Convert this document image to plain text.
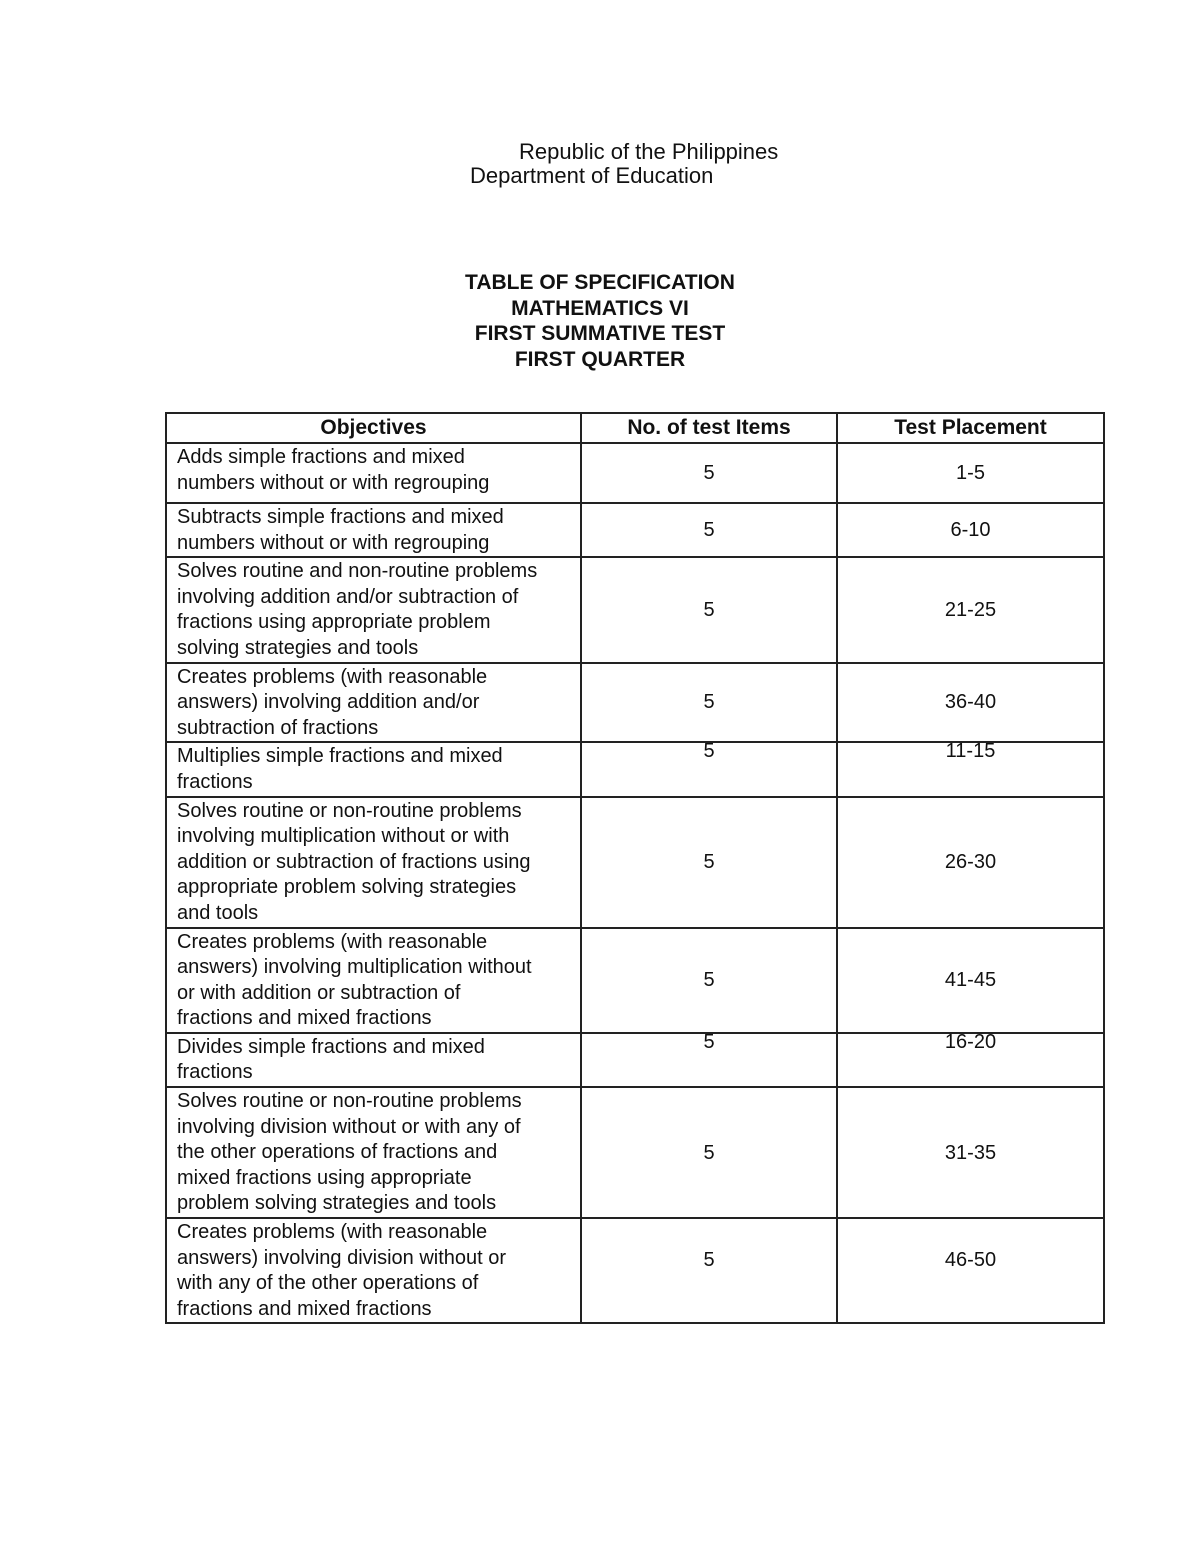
Republic of the Philippines
Department of Education
TABLE OF SPECIFICATION
MATHEMATICS VI
FIRST SUMMATIVE TEST
FIRST QUARTER
Objectives	No. of test Items	Test Placement

Adds simple fractions and mixed
numbers without or with regrouping	5	1-5

Subtracts simple fractions and mixed
numbers without or with regrouping	5	6-10

Solves routine and non-routine problems
involving addition and/or subtraction of
fractions using appropriate problem
solving strategies and tools	5	21-25

Creates problems (with reasonable
answers) involving addition and/or
subtraction of fractions	5	36-40

Multiplies simple fractions and mixed
fractions	5	11-15

Solves routine or non-routine problems
involving multiplication without or with
addition or subtraction of fractions using
appropriate problem solving strategies
and tools	5	26-30

Creates problems (with reasonable
answers) involving multiplication without
or with addition or subtraction of
fractions and mixed fractions	5	41-45

Divides simple fractions and mixed
fractions	5	16-20

Solves routine or non-routine problems
involving division without or with any of
the other operations of fractions and
mixed fractions using appropriate
problem solving strategies and tools	5	31-35

Creates problems (with reasonable
answers) involving division without or
with any of the other operations of
fractions and mixed fractions	5	46-50
